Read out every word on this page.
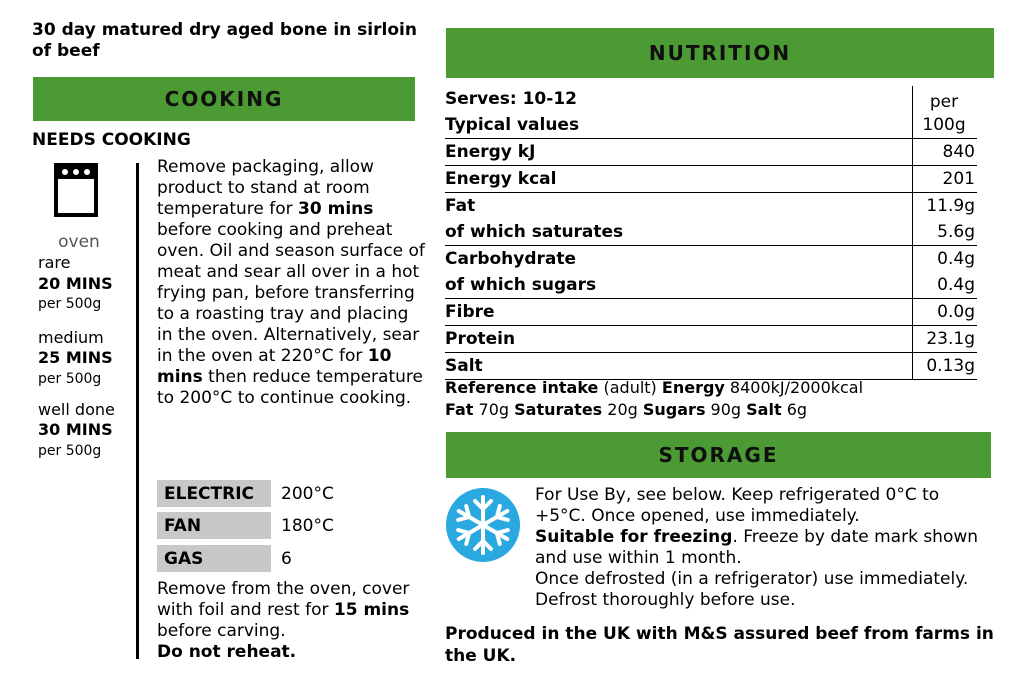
30 day matured dry aged bone in sirloin of beef
COOKING
NEEDS COOKING
oven
rare
20 MINS
per 500g
medium
25 MINS
per 500g
well done
30 MINS
per 500g
Remove packaging, allow product to stand at room temperature for 30 mins before cooking and preheat oven. Oil and season surface of meat and sear all over in a hot frying pan, before transferring to a roasting tray and placing in the oven. Alternatively, sear in the oven at 220°C for 10 mins then reduce temperature to 200°C to continue cooking.
ELECTRIC	200°C
FAN	180°C
GAS	6
Remove from the oven, cover with foil and rest for 15 mins before carving.
Do not reheat.
NUTRITION
Serves: 10-12	per
Typical values	100g
Energy kJ	840
Energy kcal	201
Fat	11.9g
of which saturates	5.6g
Carbohydrate	0.4g
of which sugars	0.4g
Fibre	0.0g
Protein	23.1g
Salt	0.13g
Reference intake (adult) Energy 8400kJ/2000kcal
Fat 70g Saturates 20g Sugars 90g Salt 6g
STORAGE
For Use By, see below. Keep refrigerated 0°C to +5°C. Once opened, use immediately.
Suitable for freezing. Freeze by date mark shown and use within 1 month.
Once defrosted (in a refrigerator) use immediately. Defrost thoroughly before use.
Produced in the UK with M&S assured beef from farms in the UK.
